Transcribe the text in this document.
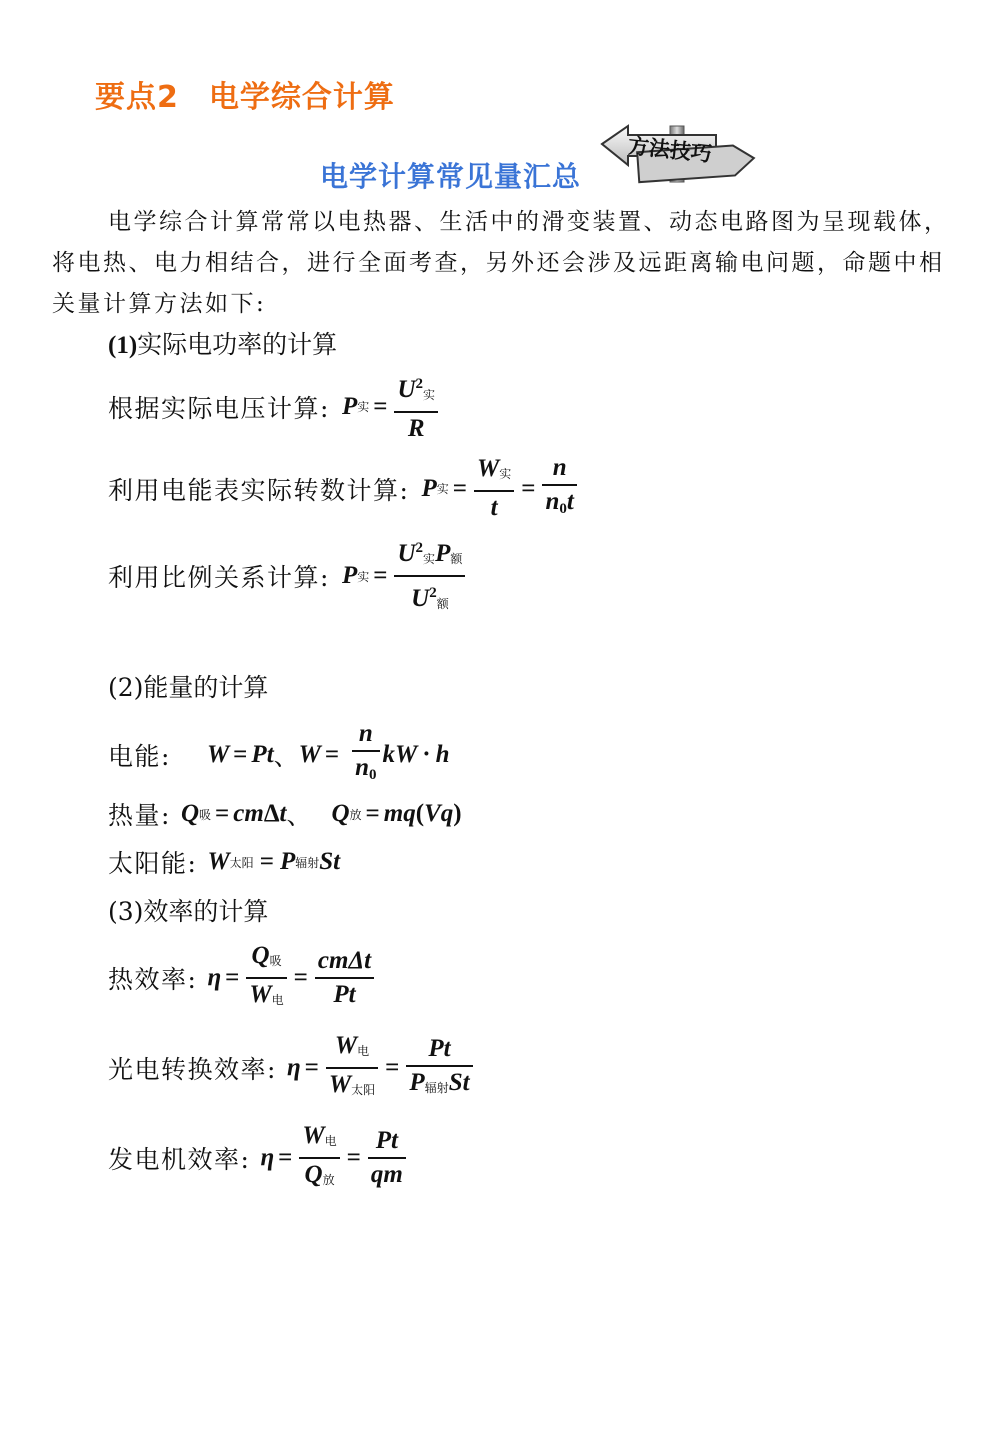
要点2 电学综合计算
电学计算常见量汇总
方法技巧
电学综合计算常常以电热器、生活中的滑变装置、动态电路图为呈现载体，将电热、电力相结合，进行全面考查，另外还会涉及远距离输电问题，命题中相关量计算方法如下:
(1)实际电功率的计算
根据实际电压计算: P 实 = $\frac{U^2_实}{R}$
利用电能表实际转数计算: P 实 = $\frac{\text{W实}}{t} = \frac{n}{n_0t}$
利用比例关系计算: P 实 = $\frac{U^2_实P额}{U^2_额}$
(2)能量的计算
电能: W = Pt 、 $W = \frac{n}{n_0}$ kW · h
热量: Q 吸 = cm Δ t 、 Q 放 = mq ( Vq )
太阳能: W 太阳 = P 辐射 St
(3)效率的计算
热效率: $\eta = \frac{\text{Q吸}}{\text{W电}} = \frac{\text{cmΔt}}{Pt}$
光电转换效率: $\eta = \frac{\text{W电}}{\text{W太阳}} = \frac{Pt}{\text{P辐射St}}$
发电机效率: $\eta = \frac{\text{W电}}{\text{Q放}} = \frac{Pt}{qm}$
